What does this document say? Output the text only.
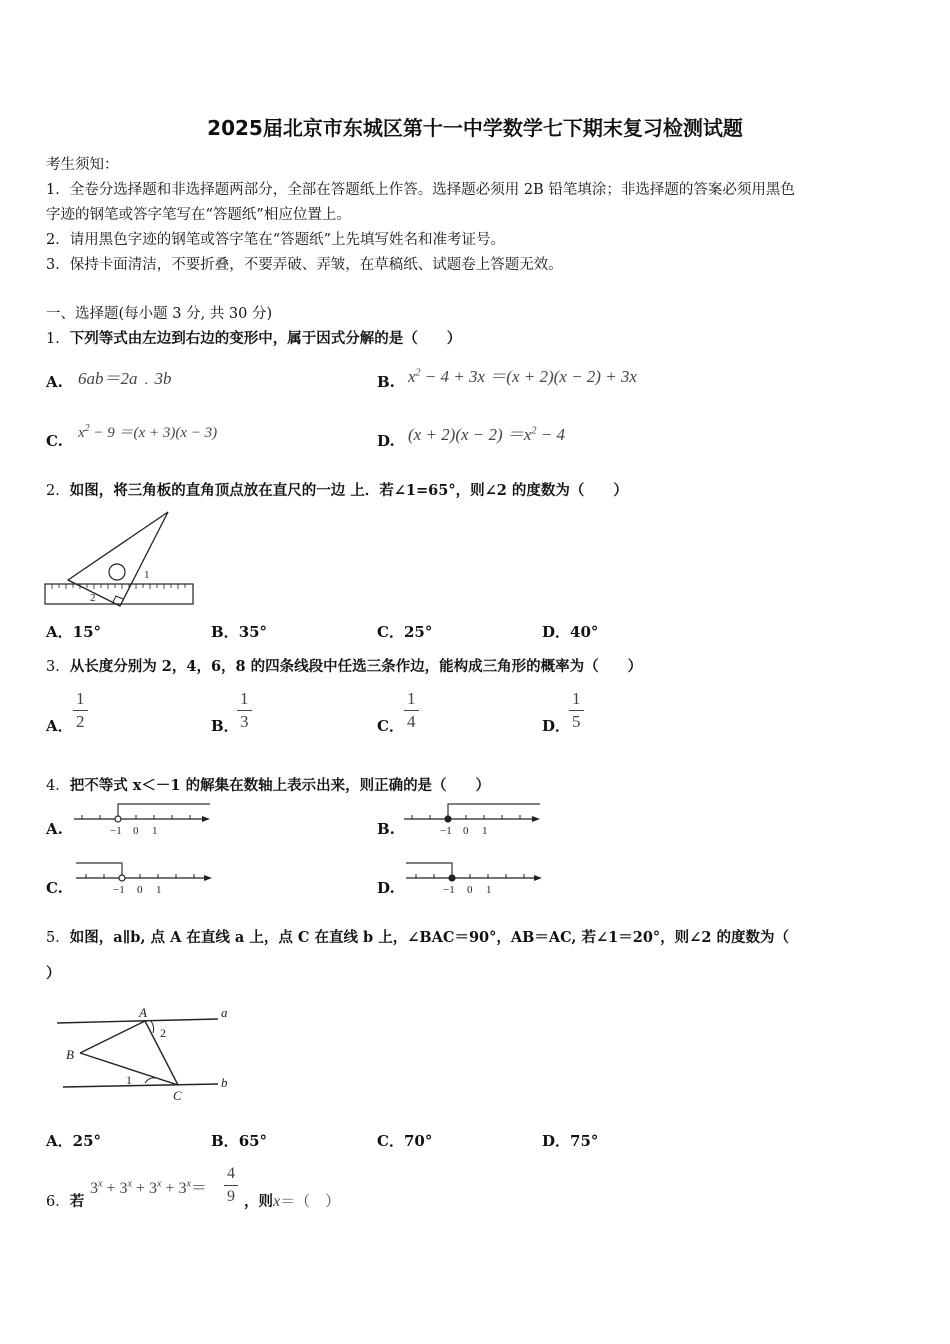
2025届北京市东城区第十一中学数学七下期末复习检测试题
考生须知：
1．全卷分选择题和非选择题两部分，全部在答题纸上作答。选择题必须用 2B 铅笔填涂；非选择题的答案必须用黑色
字迹的钢笔或答字笔写在“答题纸”相应位置上。
2．请用黑色字迹的钢笔或答字笔在“答题纸”上先填写姓名和准考证号。
3．保持卡面清洁，不要折叠，不要弄破、弄皱，在草稿纸、试题卷上答题无效。
一、选择题(每小题 3 分, 共 30 分)
1．下列等式由左边到右边的变形中，属于因式分解的是（　　）
A. 6ab＝2a﹒3b	B. $x^2 - 4 + 3x =(x + 2)(x - 2) + 3x$
C. $x^2 - 9 =(x + 3)(x - 3)$	D. $(x + 2)(x - 2) =x^2 - 4$
2．如图，将三角板的直角顶点放在直尺的一边 上．若∠1=65°，则∠2 的度数为（　　）
1
2
A．15°	B．35°	C．25°	D．40°
3．从长度分别为 2，4，6，8 的四条线段中任选三条作边，能构成三角形的概率为（　　）
A． $\frac{1}{2}$	B．
$\frac{1}{3}$	C． $\frac{1}{4}$	D．
$\frac{1}{5}$
4．把不等式 x＜－1 的解集在数轴上表示出来，则正确的是（　　）
A.	−1 0 1	B.	−1 0 1
C.	−1 0 1	D.	−1 0 1
5．如图，a∥b, 点 A 在直线 a 上，点 C 在直线 b 上，∠BAC＝90°，AB＝AC, 若∠1＝20°，则∠2 的度数为（
）
A
B
C
a
b
1
2
A．25°	B．65°	C．70°	D．75°
6．若
$3^x + 3^x + 3^x + 3^x= \frac{4}{9}$ ，则x＝（　）
